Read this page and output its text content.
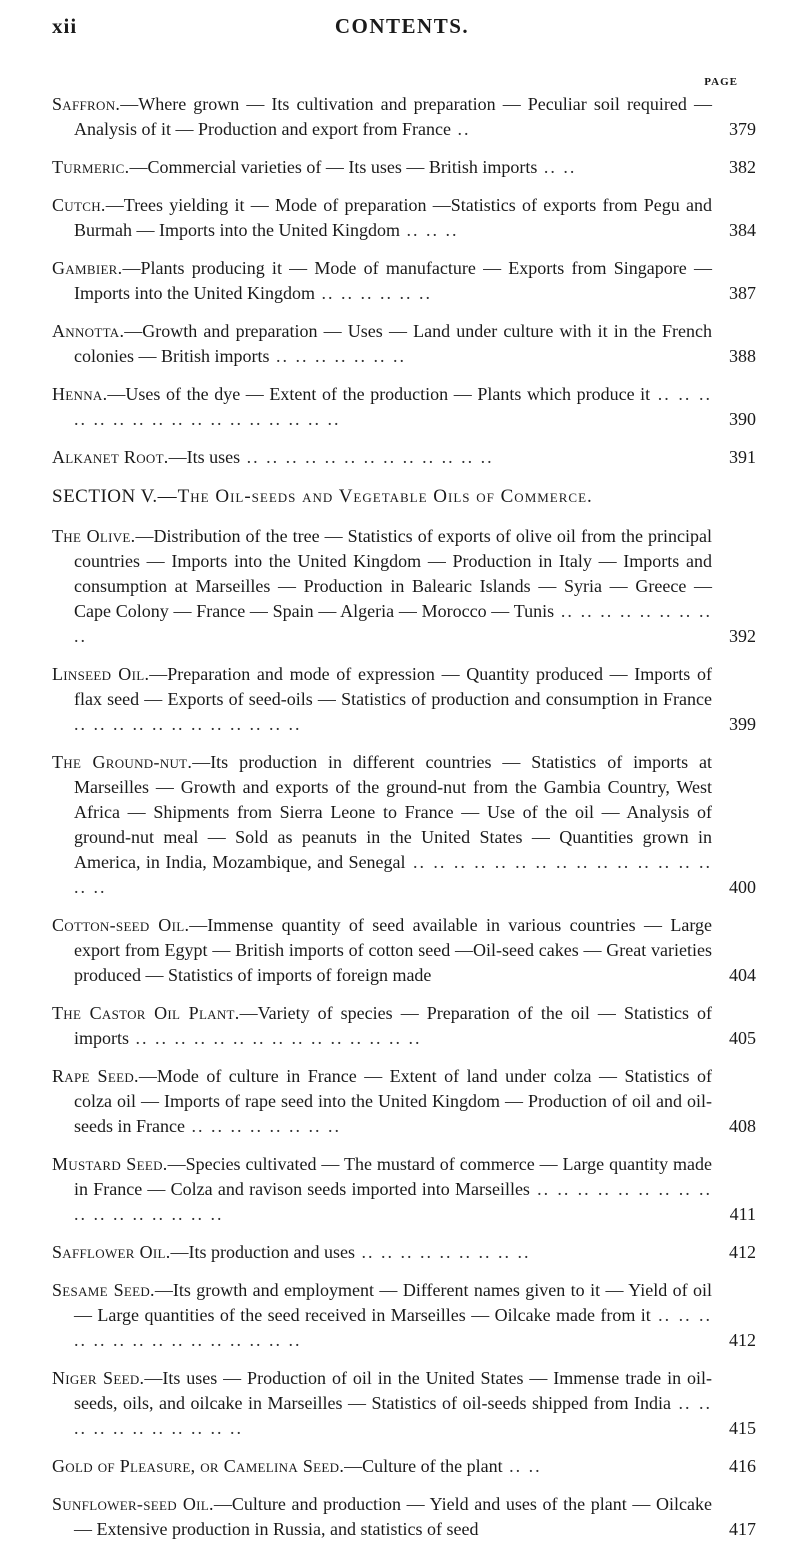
xii	CONTENTS.
PAGE
Saffron.—Where grown — Its cultivation and preparation — Peculiar soil required — Analysis of it — Production and export from France ..	379
Turmeric.—Commercial varieties of — Its uses — British imports .. ..	382
Cutch.—Trees yielding it — Mode of preparation —Statistics of exports from Pegu and Burmah — Imports into the United Kingdom .. .. ..	384
Gambier.—Plants producing it — Mode of manufacture — Exports from Singapore — Imports into the United Kingdom .. .. .. .. .. ..	387
Annotta.—Growth and preparation — Uses — Land under culture with it in the French colonies — British imports .. .. .. .. .. .. ..	388
Henna.—Uses of the dye — Extent of the production — Plants which produce it .. .. .. .. .. .. .. .. .. .. .. .. .. .. .. .. ..	390
Alkanet Root.—Its uses .. .. .. .. .. .. .. .. .. .. .. .. ..	391
SECTION V.—The Oil-seeds and Vegetable Oils of Commerce.
The Olive.—Distribution of the tree — Statistics of exports of olive oil from the principal countries — Imports into the United Kingdom — Production in Italy — Imports and consumption at Marseilles — Production in Balearic Islands — Syria — Greece — Cape Colony — France — Spain — Algeria — Morocco — Tunis .. .. .. .. .. .. .. .. ..	392
Linseed Oil.—Preparation and mode of expression — Quantity produced — Imports of flax seed — Exports of seed-oils — Statistics of production and consumption in France .. .. .. .. .. .. .. .. .. .. .. ..	399
The Ground-nut.—Its production in different countries — Statistics of imports at Marseilles — Growth and exports of the ground-nut from the Gambia Country, West Africa — Shipments from Sierra Leone to France — Use of the oil — Analysis of ground-nut meal — Sold as peanuts in the United States — Quantities grown in America, in India, Mozambique, and Senegal .. .. .. .. .. .. .. .. .. .. .. .. .. .. .. .. ..	400
Cotton-seed Oil.—Immense quantity of seed available in various countries — Large export from Egypt — British imports of cotton seed —Oil-seed cakes — Great varieties produced — Statistics of imports of foreign made	404
The Castor Oil Plant.—Variety of species — Preparation of the oil — Statistics of imports .. .. .. .. .. .. .. .. .. .. .. .. .. .. ..	405
Rape Seed.—Mode of culture in France — Extent of land under colza — Statistics of colza oil — Imports of rape seed into the United Kingdom — Production of oil and oil-seeds in France .. .. .. .. .. .. .. ..	408
Mustard Seed.—Species cultivated — The mustard of commerce — Large quantity made in France — Colza and ravison seeds imported into Marseilles .. .. .. .. .. .. .. .. .. .. .. .. .. .. .. .. ..	411
Safflower Oil.—Its production and uses .. .. .. .. .. .. .. .. ..	412
Sesame Seed.—Its growth and employment — Different names given to it — Yield of oil — Large quantities of the seed received in Marseilles — Oilcake made from it .. .. .. .. .. .. .. .. .. .. .. .. .. .. ..	412
Niger Seed.—Its uses — Production of oil in the United States — Immense trade in oil-seeds, oils, and oilcake in Marseilles — Statistics of oil-seeds shipped from India .. .. .. .. .. .. .. .. .. .. ..	415
Gold of Pleasure, or Camelina Seed.—Culture of the plant .. ..	416
Sunflower-seed Oil.—Culture and production — Yield and uses of the plant — Oilcake — Extensive production in Russia, and statistics of seed	417
